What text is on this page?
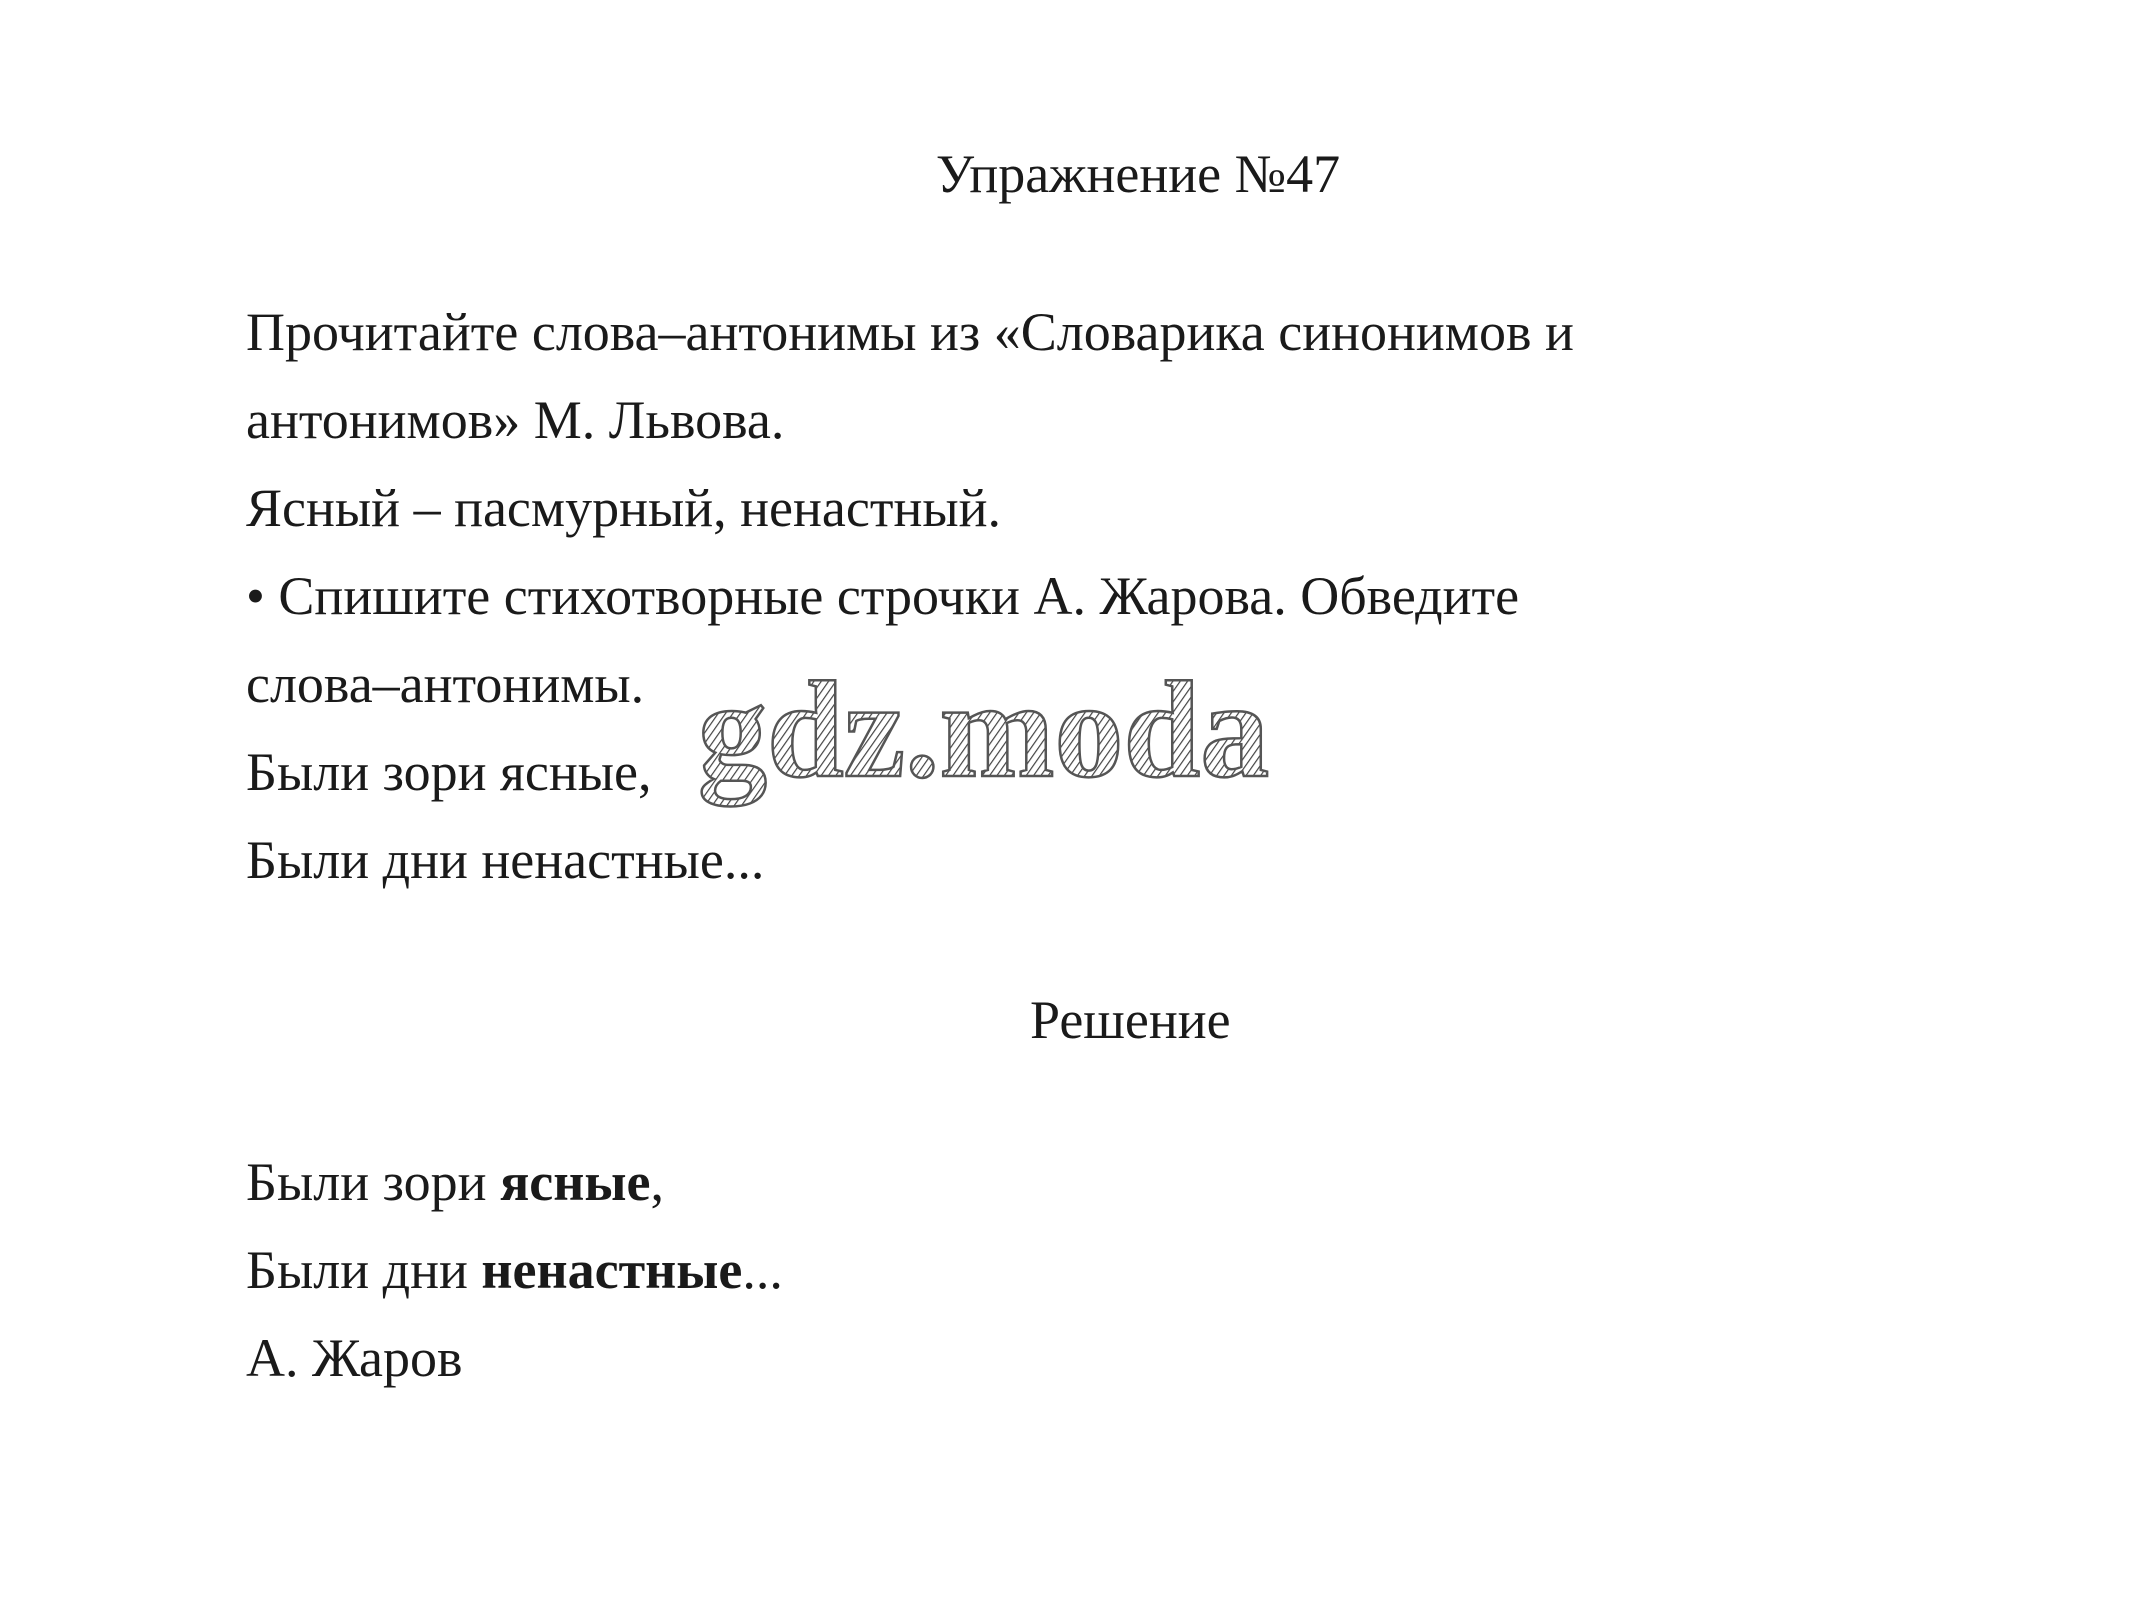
Упражнение №47
Прочитайте слова–антонимы из «Словарика синонимов и
антонимов» М. Львова.
Ясный – пасмурный, ненастный.
• Спишите стихотворные строчки А. Жарова. Обведите
слова–антонимы.
Были зори ясные,
Были дни ненастные...
Решение
Были зори ясные,
Были дни ненастные...
А. Жаров
gdz.moda
